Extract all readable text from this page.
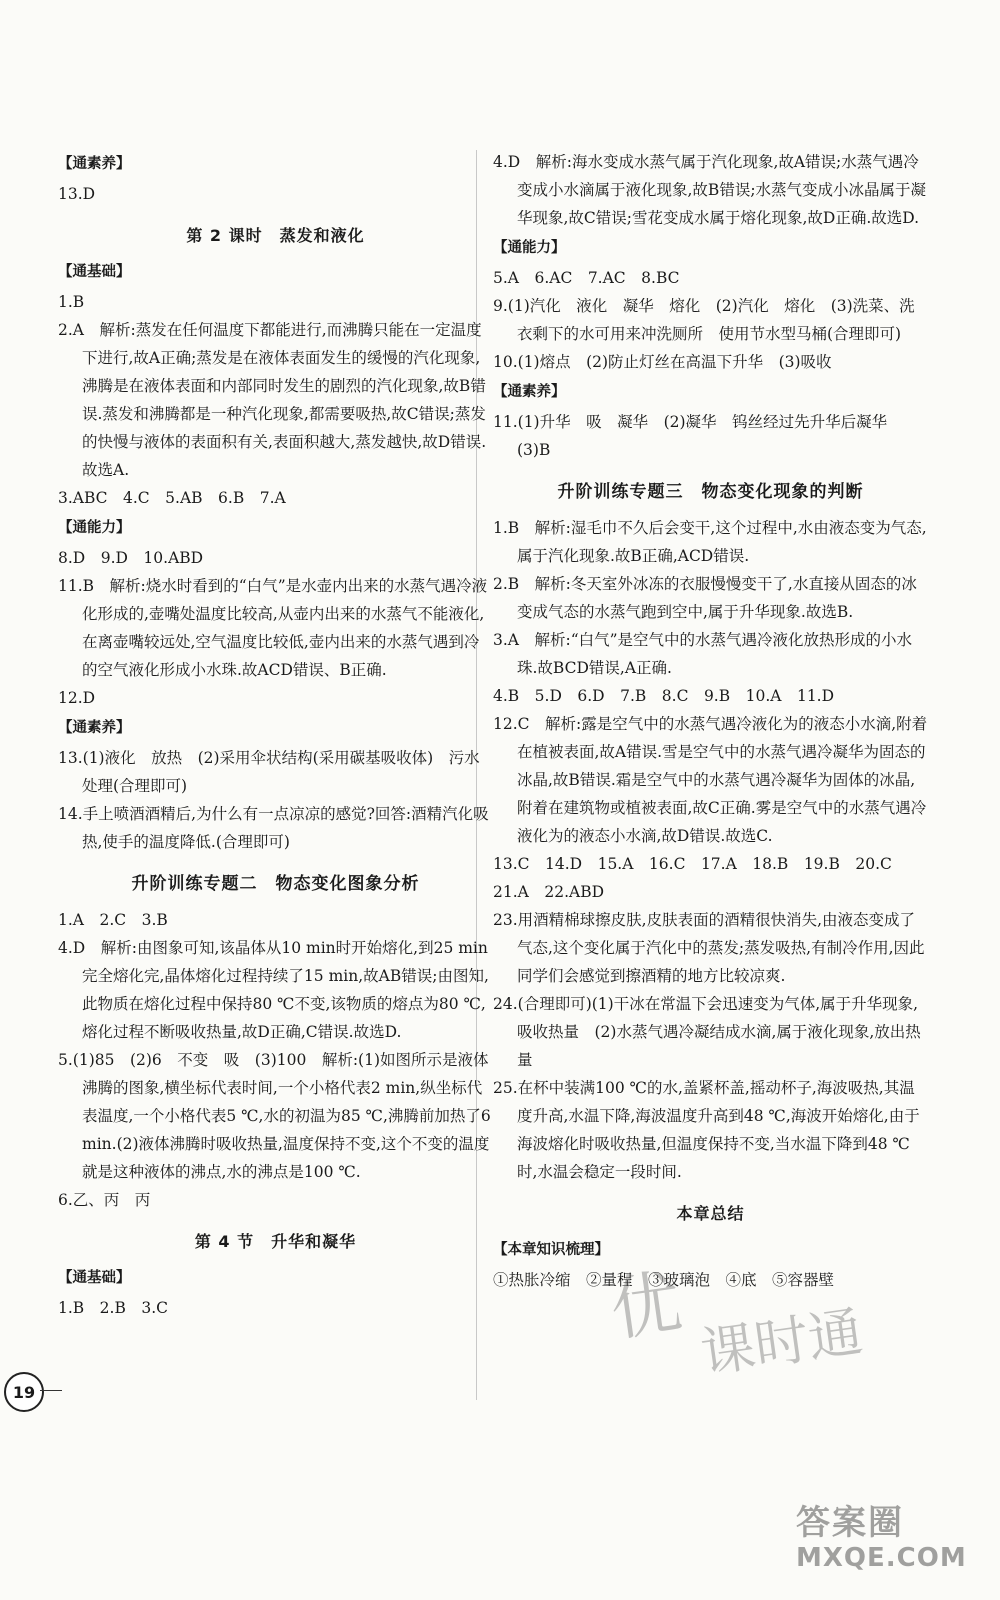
【通素养】

13.D

第 2 课时　蒸发和液化

【通基础】

1.B

2.A　解析:蒸发在任何温度下都能进行,而沸腾只能在一定温度下进行,故A正确;蒸发是在液体表面发生的缓慢的汽化现象,沸腾是在液体表面和内部同时发生的剧烈的汽化现象,故B错误.蒸发和沸腾都是一种汽化现象,都需要吸热,故C错误;蒸发的快慢与液体的表面积有关,表面积越大,蒸发越快,故D错误.故选A.

3.ABC　4.C　5.AB　6.B　7.A

【通能力】

8.D　9.D　10.ABD

11.B　解析:烧水时看到的“白气”是水壶内出来的水蒸气遇冷液化形成的,壶嘴处温度比较高,从壶内出来的水蒸气不能液化,在离壶嘴较远处,空气温度比较低,壶内出来的水蒸气遇到冷的空气液化形成小水珠.故ACD错误、B正确.

12.D

【通素养】

13.(1)液化　放热　(2)采用伞状结构(采用碳基吸收体)　污水处理(合理即可)

14.手上喷酒酒精后,为什么有一点凉凉的感觉?回答:酒精汽化吸热,使手的温度降低.(合理即可)

升阶训练专题二　物态变化图象分析

1.A　2.C　3.B

4.D　解析:由图象可知,该晶体从10 min时开始熔化,到25 min完全熔化完,晶体熔化过程持续了15 min,故AB错误;由图知,此物质在熔化过程中保持80 ℃不变,该物质的熔点为80 ℃,熔化过程不断吸收热量,故D正确,C错误.故选D.

5.(1)85　(2)6　不变　吸　(3)100　解析:(1)如图所示是液体沸腾的图象,横坐标代表时间,一个小格代表2 min,纵坐标代表温度,一个小格代表5 ℃,水的初温为85 ℃,沸腾前加热了6 min.(2)液体沸腾时吸收热量,温度保持不变,这个不变的温度就是这种液体的沸点,水的沸点是100 ℃.

6.乙、丙　丙

第 4 节　升华和凝华

【通基础】

1.B　2.B　3.C

4.D　解析:海水变成水蒸气属于汽化现象,故A错误;水蒸气遇冷变成小水滴属于液化现象,故B错误;水蒸气变成小冰晶属于凝华现象,故C错误;雪花变成水属于熔化现象,故D正确.故选D.

【通能力】

5.A　6.AC　7.AC　8.BC

9.(1)汽化　液化　凝华　熔化　(2)汽化　熔化　(3)洗菜、洗衣剩下的水可用来冲洗厕所　使用节水型马桶(合理即可)

10.(1)熔点　(2)防止灯丝在高温下升华　(3)吸收

【通素养】

11.(1)升华　吸　凝华　(2)凝华　钨丝经过先升华后凝华　(3)B

升阶训练专题三　物态变化现象的判断

1.B　解析:湿毛巾不久后会变干,这个过程中,水由液态变为气态,属于汽化现象.故B正确,ACD错误.

2.B　解析:冬天室外冰冻的衣服慢慢变干了,水直接从固态的冰变成气态的水蒸气跑到空中,属于升华现象.故选B.

3.A　解析:“白气”是空气中的水蒸气遇冷液化放热形成的小水珠.故BCD错误,A正确.

4.B　5.D　6.D　7.B　8.C　9.B　10.A　11.D

12.C　解析:露是空气中的水蒸气遇冷液化为的液态小水滴,附着在植被表面,故A错误.雪是空气中的水蒸气遇冷凝华为固态的冰晶,故B错误.霜是空气中的水蒸气遇冷凝华为固体的冰晶,附着在建筑物或植被表面,故C正确.雾是空气中的水蒸气遇冷液化为的液态小水滴,故D错误.故选C.

13.C　14.D　15.A　16.C　17.A　18.B　19.B　20.C

21.A　22.ABD

23.用酒精棉球擦皮肤,皮肤表面的酒精很快消失,由液态变成了气态,这个变化属于汽化中的蒸发;蒸发吸热,有制冷作用,因此同学们会感觉到擦酒精的地方比较凉爽.

24.(合理即可)(1)干冰在常温下会迅速变为气体,属于升华现象,吸收热量　(2)水蒸气遇冷凝结成水滴,属于液化现象,放出热量

25.在杯中装满100 ℃的水,盖紧杯盖,摇动杯子,海波吸热,其温度升高,水温下降,海波温度升高到48 ℃,海波开始熔化,由于海波熔化时吸收热量,但温度保持不变,当水温下降到48 ℃时,水温会稳定一段时间.

本章总结

【本章知识梳理】

①热胀冷缩　②量程　③玻璃泡　④底　⑤容器壁

19
优 课时通
答案圈
MXQE.COM
